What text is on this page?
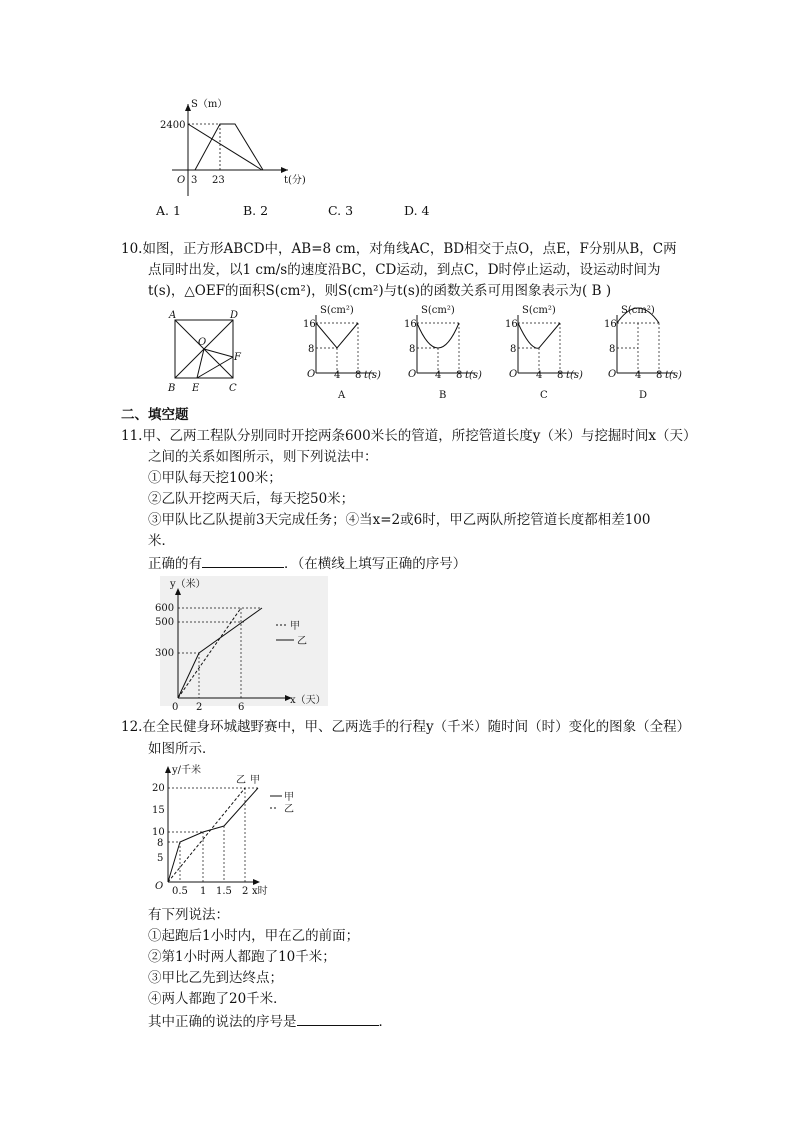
S（m）
2400
O 3 23	t(分)
A. 1	B. 2	C. 3	D. 4
10.如图，正方形ABCD中，AB=8 cm，对角线AC，BD相交于点O，点E，F分别从B，C两
点同时出发，以1 cm/s的速度沿BC，CD运动，到点C，D时停止运动，设运动时间为
t(s)，△OEF的面积S(cm²)，则S(cm²)与t(s)的函数关系可用图象表示为( B )
A	D
B	C
O
E
F
S(cm²)
16
8
O 4 8 t(s)
A
S(cm²)
16
8
O 4 8 t(s)
B
S(cm²)
16
8
O 4 8 t(s)
C
S(cm²)
16
8
O 4 8 t(s)
D
二、填空题
11.甲、乙两工程队分别同时开挖两条600米长的管道，所挖管道长度y（米）与挖掘时间x（天）
之间的关系如图所示，则下列说法中：
①甲队每天挖100米；
②乙队开挖两天后，每天挖50米；
③甲队比乙队提前3天完成任务；④当x=2或6时，甲乙两队所挖管道长度都相差100
米．
正确的有	．（在横线上填写正确的序号）
y（米）
600
500
300
0 2	6
x（天）
甲
乙
12.在全民健身环城越野赛中，甲、乙两选手的行程y（千米）随时间（时）变化的图象（全程）
如图所示．
y/千米
乙 甲
20
15
10
8
5
O 0.5 1 1.5 2 x时
甲
乙
有下列说法：
①起跑后1小时内，甲在乙的前面；
②第1小时两人都跑了10千米；
③甲比乙先到达终点；
④两人都跑了20千米．
其中正确的说法的序号是	．
